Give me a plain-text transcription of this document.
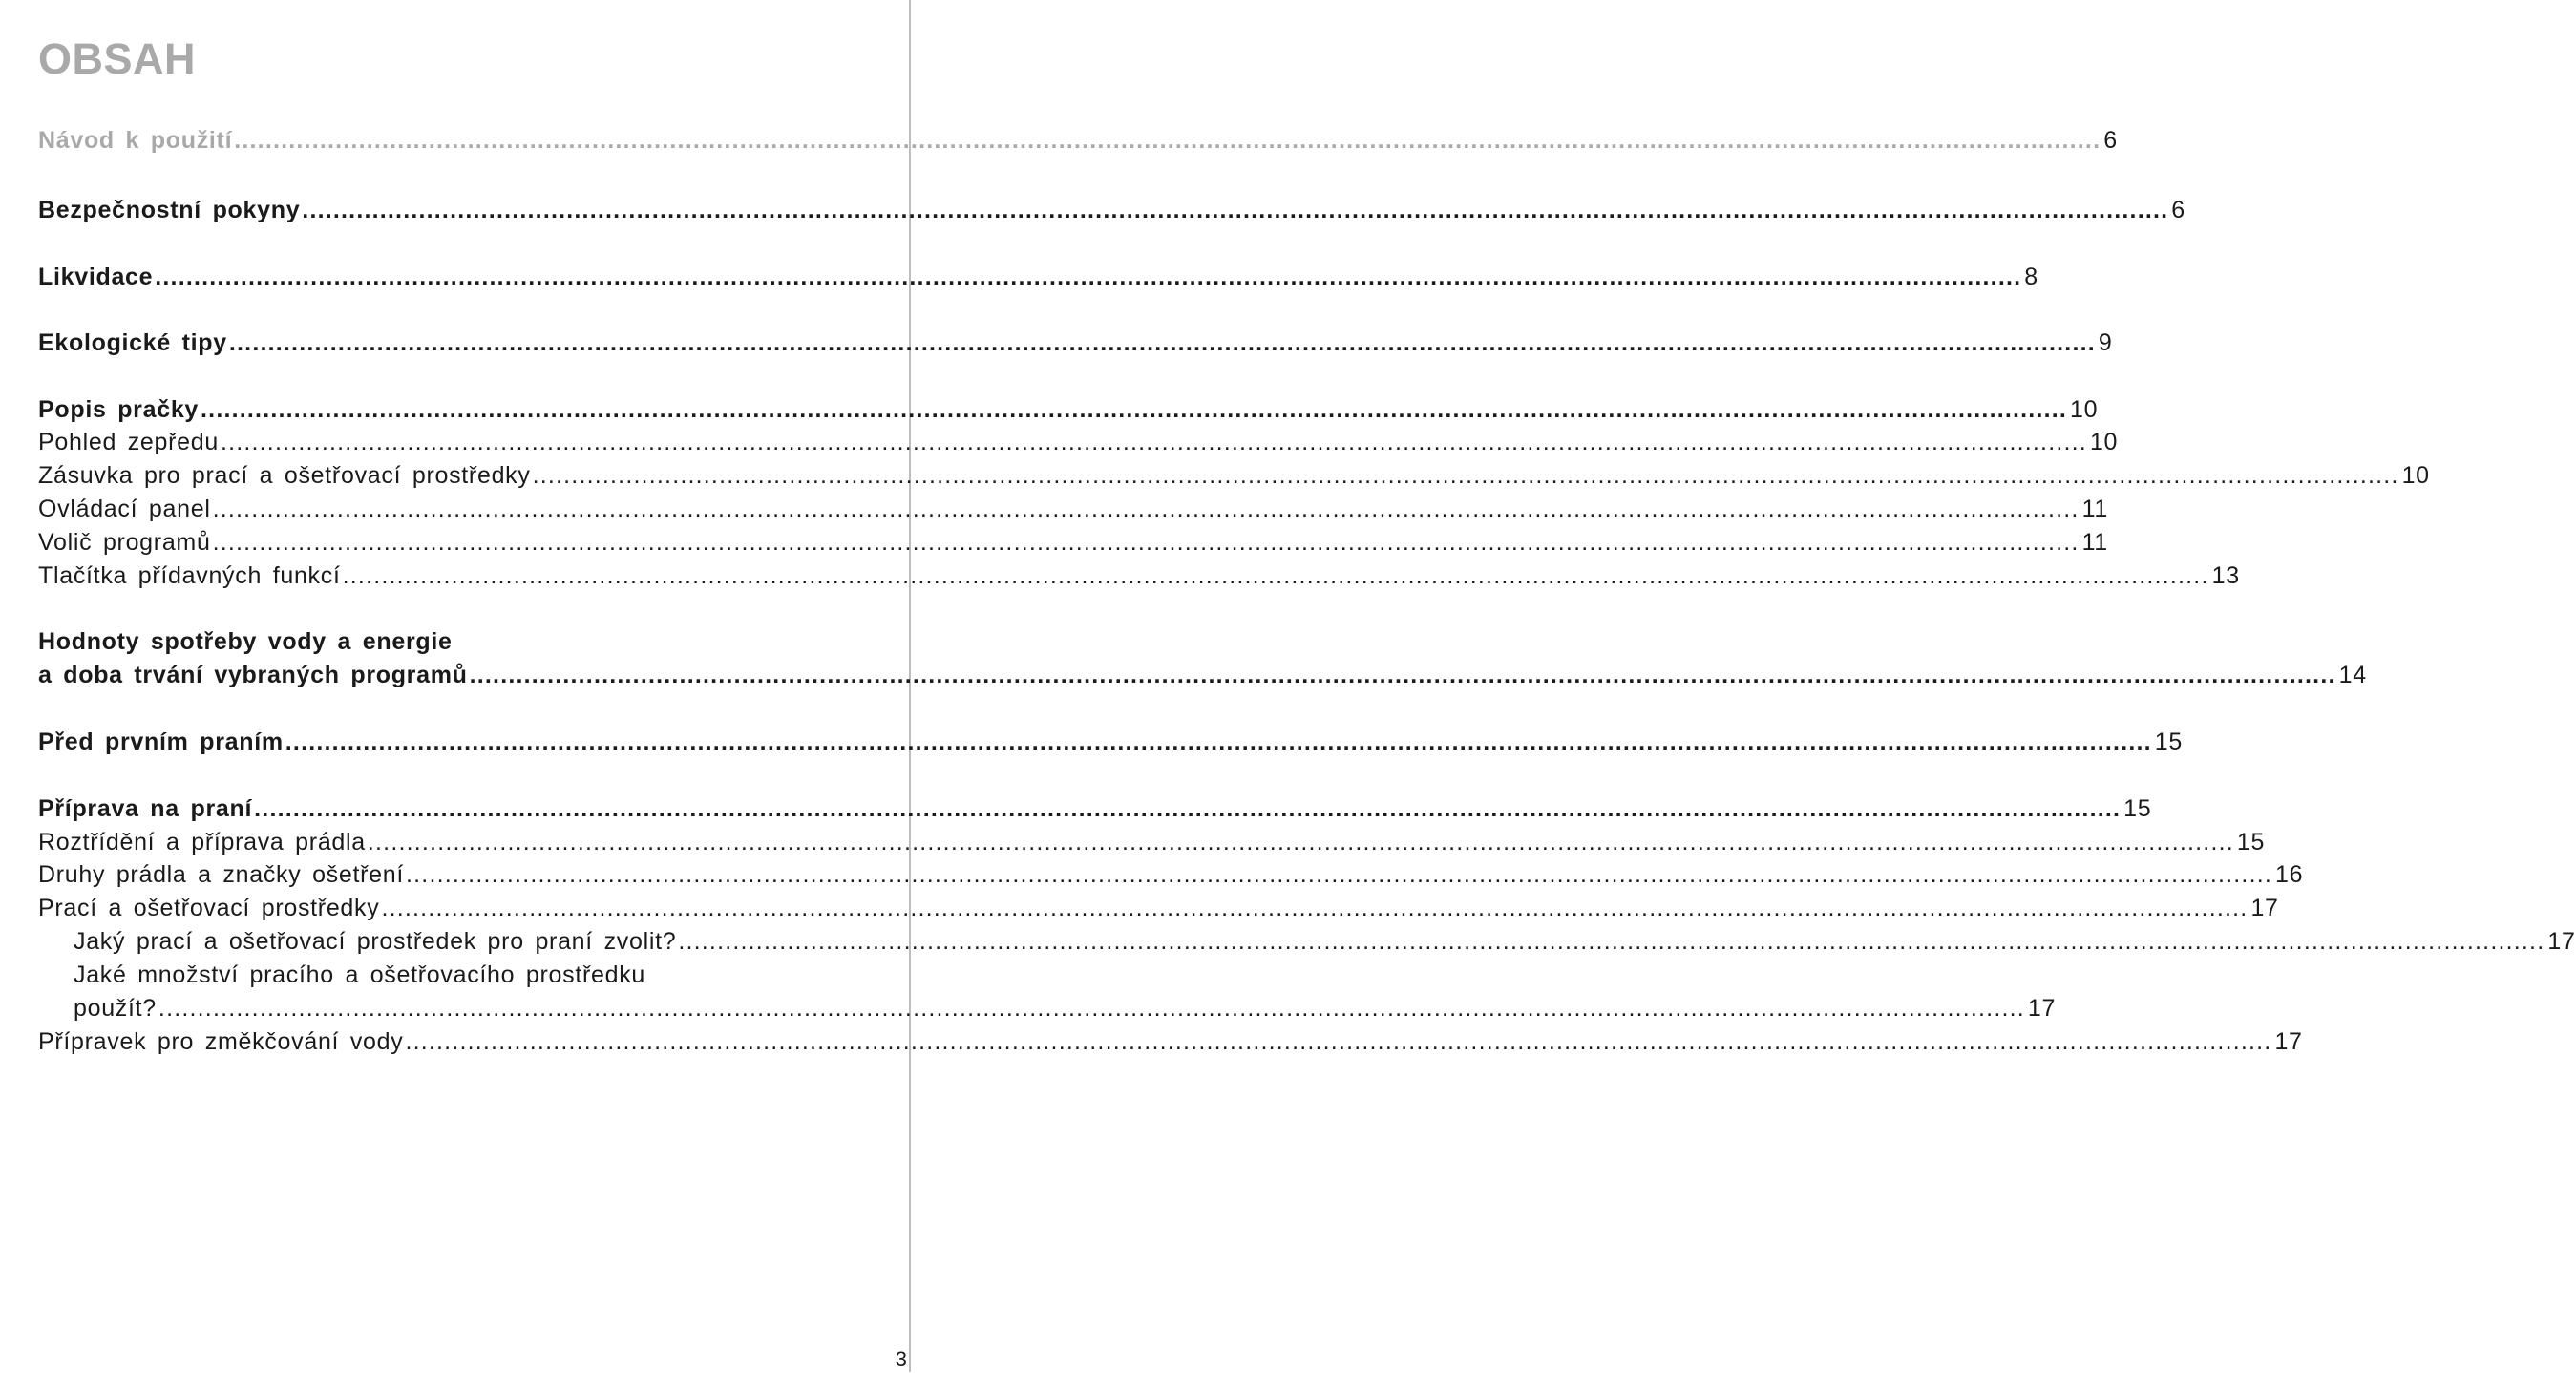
OBSAH
Návod k použití ................................................................................................................................................................................................................................................ 6
Bezpečnostní pokyny ................................................................................................................................................................................................................................................ 6
Likvidace ................................................................................................................................................................................................................................................ 8
Ekologické tipy ................................................................................................................................................................................................................................................ 9
Popis pračky ................................................................................................................................................................................................................................................ 10
Pohled zepředu ................................................................................................................................................................................................................................................ 10
Zásuvka pro prací a ošetřovací prostředky ................................................................................................................................................................................................................................................ 10
Ovládací panel ................................................................................................................................................................................................................................................ 11
Volič programů ................................................................................................................................................................................................................................................ 11
Tlačítka přídavných funkcí ................................................................................................................................................................................................................................................ 13
Hodnoty spotřeby vody a energie
a doba trvání vybraných programů ................................................................................................................................................................................................................................................ 14
Před prvním praním ................................................................................................................................................................................................................................................ 15
Příprava na praní ................................................................................................................................................................................................................................................ 15
Roztřídění a příprava prádla ................................................................................................................................................................................................................................................ 15
Druhy prádla a značky ošetření ................................................................................................................................................................................................................................................ 16
Prací a ošetřovací prostředky ................................................................................................................................................................................................................................................ 17
Jaký prací a ošetřovací prostředek pro praní zvolit? ................................................................................................................................................................................................................................................ 17
Jaké množství pracího a ošetřovacího prostředku
použít? ................................................................................................................................................................................................................................................ 17
Přípravek pro změkčování vody ................................................................................................................................................................................................................................................ 17
3
